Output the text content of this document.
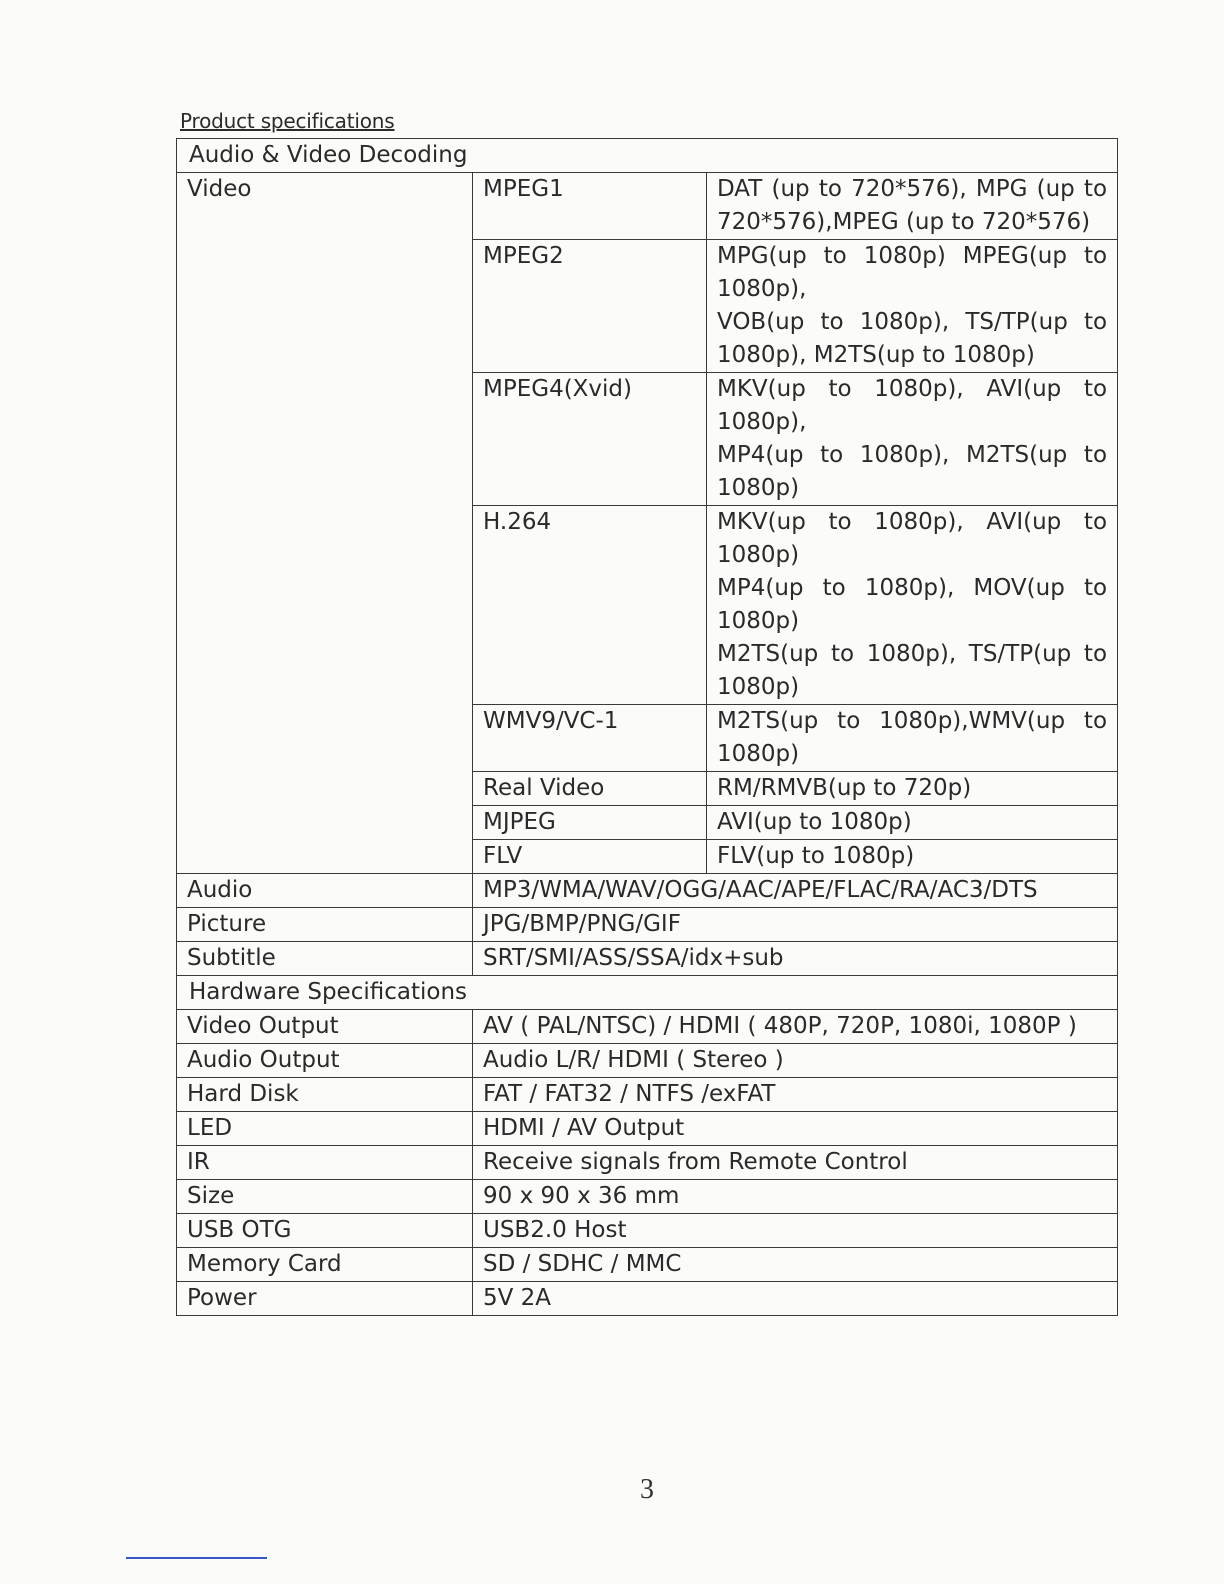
Product specifications
Audio & Video Decoding		
Video	MPEG1	DAT (up to 720*576), MPG (up to 720*576),MPEG (up to 720*576)

	MPEG2	MPG(up to 1080p) MPEG(up to 1080p),
VOB(up to 1080p), TS/TP(up to 1080p), M2TS(up to 1080p)

	MPEG4(Xvid)	MKV(up to 1080p), AVI(up to 1080p),
MP4(up to 1080p), M2TS(up to 1080p)

	H.264	MKV(up to 1080p), AVI(up to 1080p)
MP4(up to 1080p), MOV(up to 1080p)
M2TS(up to 1080p), TS/TP(up to 1080p)

	WMV9/VC-1	M2TS(up to 1080p),WMV(up to 1080p)

	Real Video	RM/RMVB(up to 720p)

	MJPEG	AVI(up to 1080p)

	FLV	FLV(up to 1080p)

Audio	MP3/WMA/WAV/OGG/AAC/APE/FLAC/RA/AC3/DTS	
Picture	JPG/BMP/PNG/GIF	
Subtitle	SRT/SMI/ASS/SSA/idx+sub	
Hardware Specifications		
Video Output	AV ( PAL/NTSC) / HDMI ( 480P, 720P, 1080i, 1080P )	
Audio Output	Audio L/R/ HDMI ( Stereo )	
Hard Disk	FAT / FAT32 / NTFS /exFAT	
LED	HDMI / AV Output	
IR	Receive signals from Remote Control	
Size	90 x 90 x 36 mm	
USB OTG	USB2.0 Host	
Memory Card	SD / SDHC / MMC	
Power	5V 2A	
3
